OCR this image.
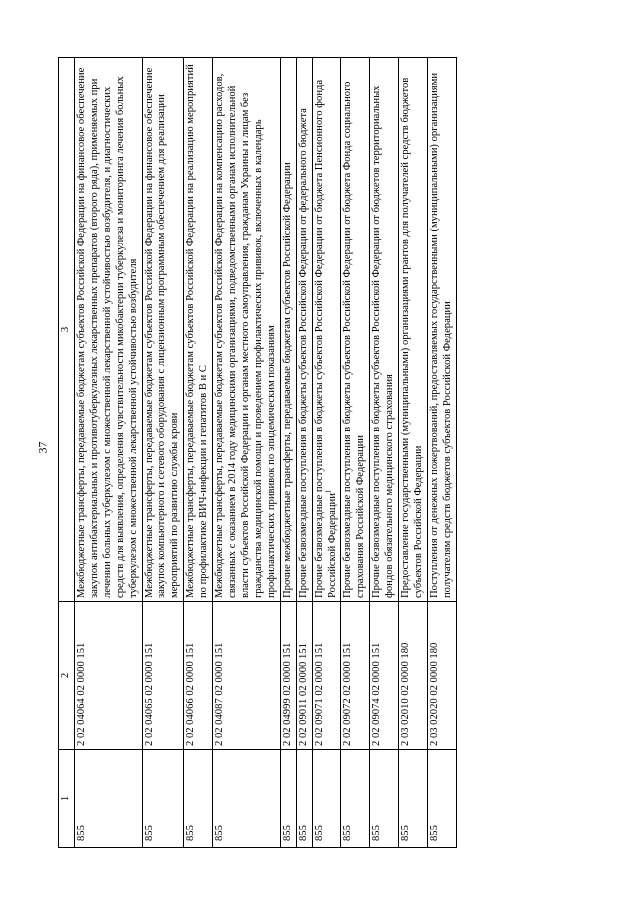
37
1	2	3
855	2 02 04064 02 0000 151	Межбюджетные трансферты, передаваемые бюджетам субъектов Российской Федерации на финансовое обеспечение закупок антибактериальных и противотуберкулезных лекарственных препаратов (второго ряда), применяемых при лечении больных туберкулезом с множественной лекарственной устойчивостью возбудителя, и диагностических средств для выявления, определения чувствительности микобактерии туберкулеза и мониторинга лечения больных туберкулезом с множественной лекарственной устойчивостью возбудителя
855	2 02 04065 02 0000 151	Межбюджетные трансферты, передаваемые бюджетам субъектов Российской Федерации на финансовое обеспечение закупок компьютерного и сетевого оборудования с лицензионным программным обеспечением для реализации мероприятий по развитию службы крови
855	2 02 04066 02 0000 151	Межбюджетные трансферты, передаваемые бюджетам субъектов Российской Федерации на реализацию мероприятий по профилактике ВИЧ-инфекции и гепатитов В и С
855	2 02 04087 02 0000 151	Межбюджетные трансферты, передаваемые бюджетам субъектов Российской Федерации на компенсацию расходов, связанных с оказанием в 2014 году медицинскими организациями, подведомственными органам исполнительной власти субъектов Российской Федерации и органам местного самоуправления, гражданам Украины и лицам без гражданства медицинской помощи и проведением профилактических прививок, включенных в календарь профилактических прививок по эпидемическим показаниям
855	2 02 04999 02 0000 151	Прочие межбюджетные трансферты, передаваемые бюджетам субъектов Российской Федерации
855	2 02 09011 02 0000 151	Прочие безвозмездные поступления в бюджеты субъектов Российской Федерации от федерального бюджета
855	2 02 09071 02 0000 151	Прочие безвозмездные поступления в бюджеты субъектов Российской Федерации от бюджета Пенсионного фонда Российской Федерации$^1$
855	2 02 09072 02 0000 151	Прочие безвозмездные поступления в бюджеты субъектов Российской Федерации от бюджета Фонда социального страхования Российской Федерации
855	2 02 09074 02 0000 151	Прочие безвозмездные поступления в бюджеты субъектов Российской Федерации от бюджетов территориальных фондов обязательного медицинского страхования
855	2 03 02010 02 0000 180	Предоставление государственными (муниципальными) организациями грантов для получателей средств бюджетов субъектов Российской Федерации
855	2 03 02020 02 0000 180	Поступления от денежных пожертвований, предоставляемых государственными (муниципальными) организациями получателям средств бюджетов субъектов Российской Федерации
